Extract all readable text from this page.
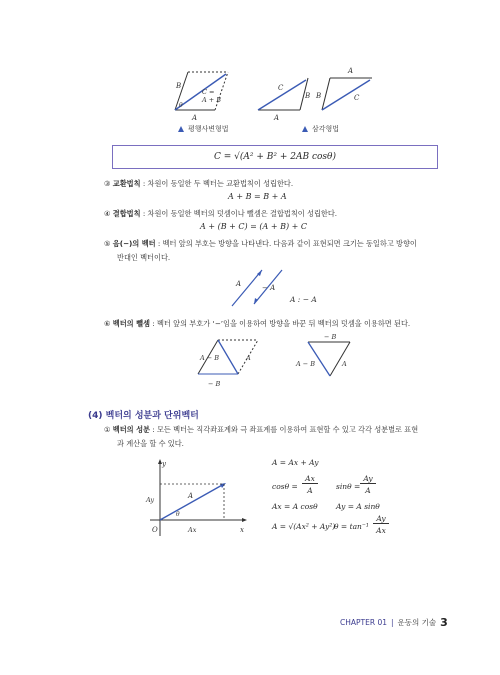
A
B
θ
C =
A + B
평행사변형법
A
B
C
A
B	C
삼각형법
C = √(A² + B² + 2AB cosθ)
③ 교환법칙 : 차원이 동일한 두 벡터는 교환법칙이 성립한다.
A + B = B + A
④ 결합법칙 : 차원이 동일한 벡터의 덧셈이나 뺄셈은 결합법칙이 성립한다.
A + (B + C) = (A + B) + C
⑤ 음(−)의 벡터 : 벡터 앞의 부호는 방향을 나타낸다. 다음과 같이 표현되면 크기는 동일하고 방향이
반대인 벡터이다.
A	− A
A : − A
⑥ 벡터의 뺄셈 : 벡터 앞의 부호가 ‘−’임을 이용하여 방향을 바꾼 뒤 벡터의 덧셈을 이용하면 된다.
A − B
− B
A
− B
A − B	A
(4) 벡터의 성분과 단위벡터
① 벡터의 성분 : 모든 벡터는 직각좌표계와 극 좌표계를 이용하여 표현할 수 있고 각각 성분별로 표현
과 계산을 할 수 있다.
y
x
O
Ay
Ax
A
θ
A = Ax + Ay
cosθ =
Ax
A	sinθ =
Ay
A
Ax = A cosθ Ay = A sinθ
A = √(Ax² + Ay²)
θ = tan⁻¹
Ay
Ax
CHAPTER 01 | 운동의 기술 3
